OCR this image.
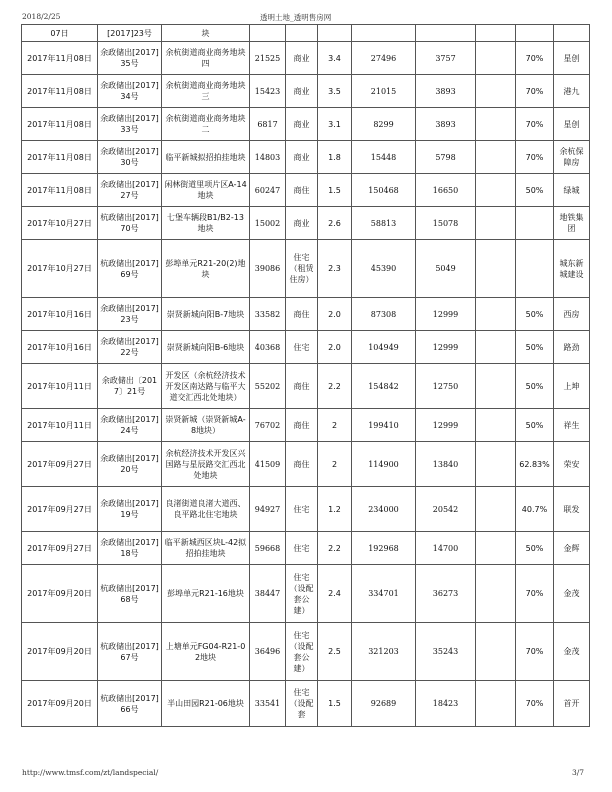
2018/2/25	透明土地_透明售房网
07日	[2017]23号	块								
2017年11月08日	余政储出[2017]35号	余杭街道商业商务地块四	21525	商业	3.4	27496	3757		70%	星创
2017年11月08日	余政储出[2017]34号	余杭街道商业商务地块三	15423	商业	3.5	21015	3893		70%	港九
2017年11月08日	余政储出[2017]33号	余杭街道商业商务地块二	6817	商业	3.1	8299	3893		70%	星创
2017年11月08日	余政储出[2017]30号	临平新城拟招拍挂地块	14803	商业	1.8	15448	5798		70%	余杭保障房
2017年11月08日	余政储出[2017]27号	闲林街道里项片区A-14地块	60247	商住	1.5	150468	16650		50%	绿城
2017年10月27日	杭政储出[2017]70号	七堡车辆段B1/B2-13地块	15002	商业	2.6	58813	15078			地铁集团
2017年10月27日	杭政储出[2017]69号	彭埠单元R21-20(2)地块	39086	住宅（租赁住房）	2.3	45390	5049			城东新城建设
2017年10月16日	余政储出[2017]23号	崇贤新城向阳B-7地块	33582	商住	2.0	87308	12999		50%	西房
2017年10月16日	余政储出[2017]22号	崇贤新城向阳B-6地块	40368	住宅	2.0	104949	12999		50%	路劲
2017年10月11日	余政储出〔2017〕21号	开发区（余杭经济技术开发区南达路与临平大道交汇西北处地块）	55202	商住	2.2	154842	12750		50%	上坤
2017年10月11日	余政储出[2017]24号	崇贤新城（崇贤新城A-8地块）	76702	商住	2	199410	12999		50%	祥生
2017年09月27日	余政储出[2017]20号	余杭经济技术开发区兴国路与星辰路交汇西北处地块	41509	商住	2	114900	13840		62.83%	荣安
2017年09月27日	余政储出[2017]19号	良渚街道良渚大道西、良平路北住宅地块	94927	住宅	1.2	234000	20542		40.7%	联发
2017年09月27日	余政储出[2017]18号	临平新城西区块L-42拟招拍挂地块	59668	住宅	2.2	192968	14700		50%	金辉
2017年09月20日	杭政储出[2017]68号	彭埠单元R21-16地块	38447	住宅（设配套公建）	2.4	334701	36273		70%	金茂
2017年09月20日	杭政储出[2017]67号	上塘单元FG04-R21-02地块	36496	住宅（设配套公建）	2.5	321203	35243		70%	金茂
2017年09月20日	杭政储出[2017]66号	半山田园R21-06地块	33541	住宅（设配套	1.5	92689	18423		70%	首开
http://www.tmsf.com/zt/landspecial/	3/7
